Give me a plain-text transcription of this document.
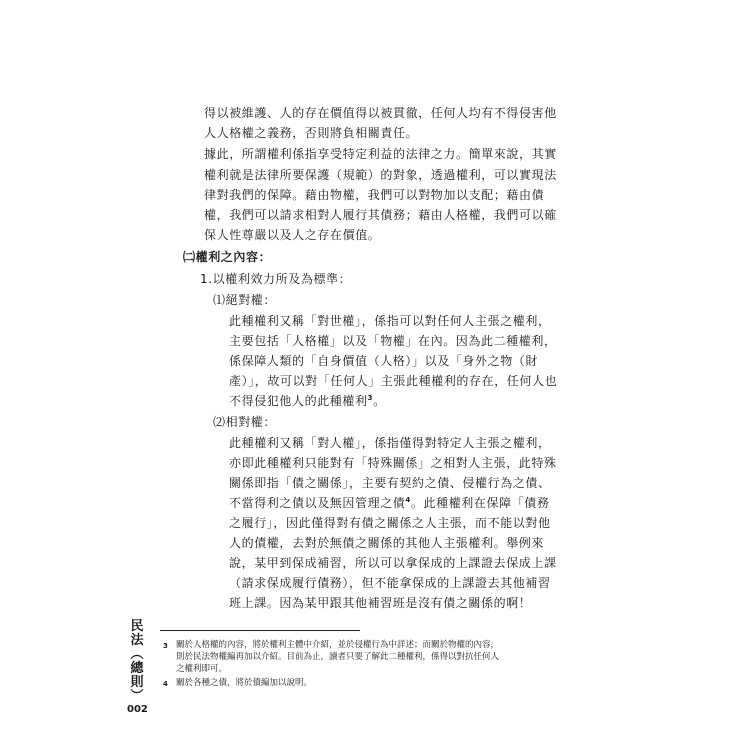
得以被維護、人的存在價值得以被貫徹，任何人均有不得侵害他

人人格權之義務，否則將負相關責任。

據此，所謂權利係指享受特定利益的法律之力。簡單來說，其實

權利就是法律所要保護（規範）的對象，透過權利，可以實現法

律對我們的保障。藉由物權，我們可以對物加以支配；藉由債

權，我們可以請求相對人履行其債務；藉由人格權，我們可以確

保人性尊嚴以及人之存在價值。

㈡權利之內容：

1.以權利效力所及為標準：

⑴絕對權：

此種權利又稱「對世權」，係指可以對任何人主張之權利，

主要包括「人格權」以及「物權」在內。因為此二種權利，

係保障人類的「自身價值（人格）」以及「身外之物（財

產）」，故可以對「任何人」主張此種權利的存在，任何人也

不得侵犯他人的此種權利$^3$。

⑵相對權：

此種權利又稱「對人權」，係指僅得對特定人主張之權利，

亦即此種權利只能對有「特殊關係」之相對人主張，此特殊

關係即指「債之關係」，主要有契約之債、侵權行為之債、

不當得利之債以及無因管理之債$^4$。此種權利在保障「債務

之履行」，因此僅得對有債之關係之人主張，而不能以對他

人的債權，去對於無債之關係的其他人主張權利。舉例來

說，某甲到保成補習，所以可以拿保成的上課證去保成上課

（請求保成履行債務），但不能拿保成的上課證去其他補習

班上課。因為某甲跟其他補習班是沒有債之關係的啊！

民
法
︵
總
則
︶
002
3 關於人格權的內容，將於權利主體中介紹，並於侵權行為中詳述；而關於物權的內容，
則於民法物權編再加以介紹。目前為止，讀者只要了解此二種權利，係得以對抗任何人
之權利即可。
4 關於各種之債，將於債編加以說明。
